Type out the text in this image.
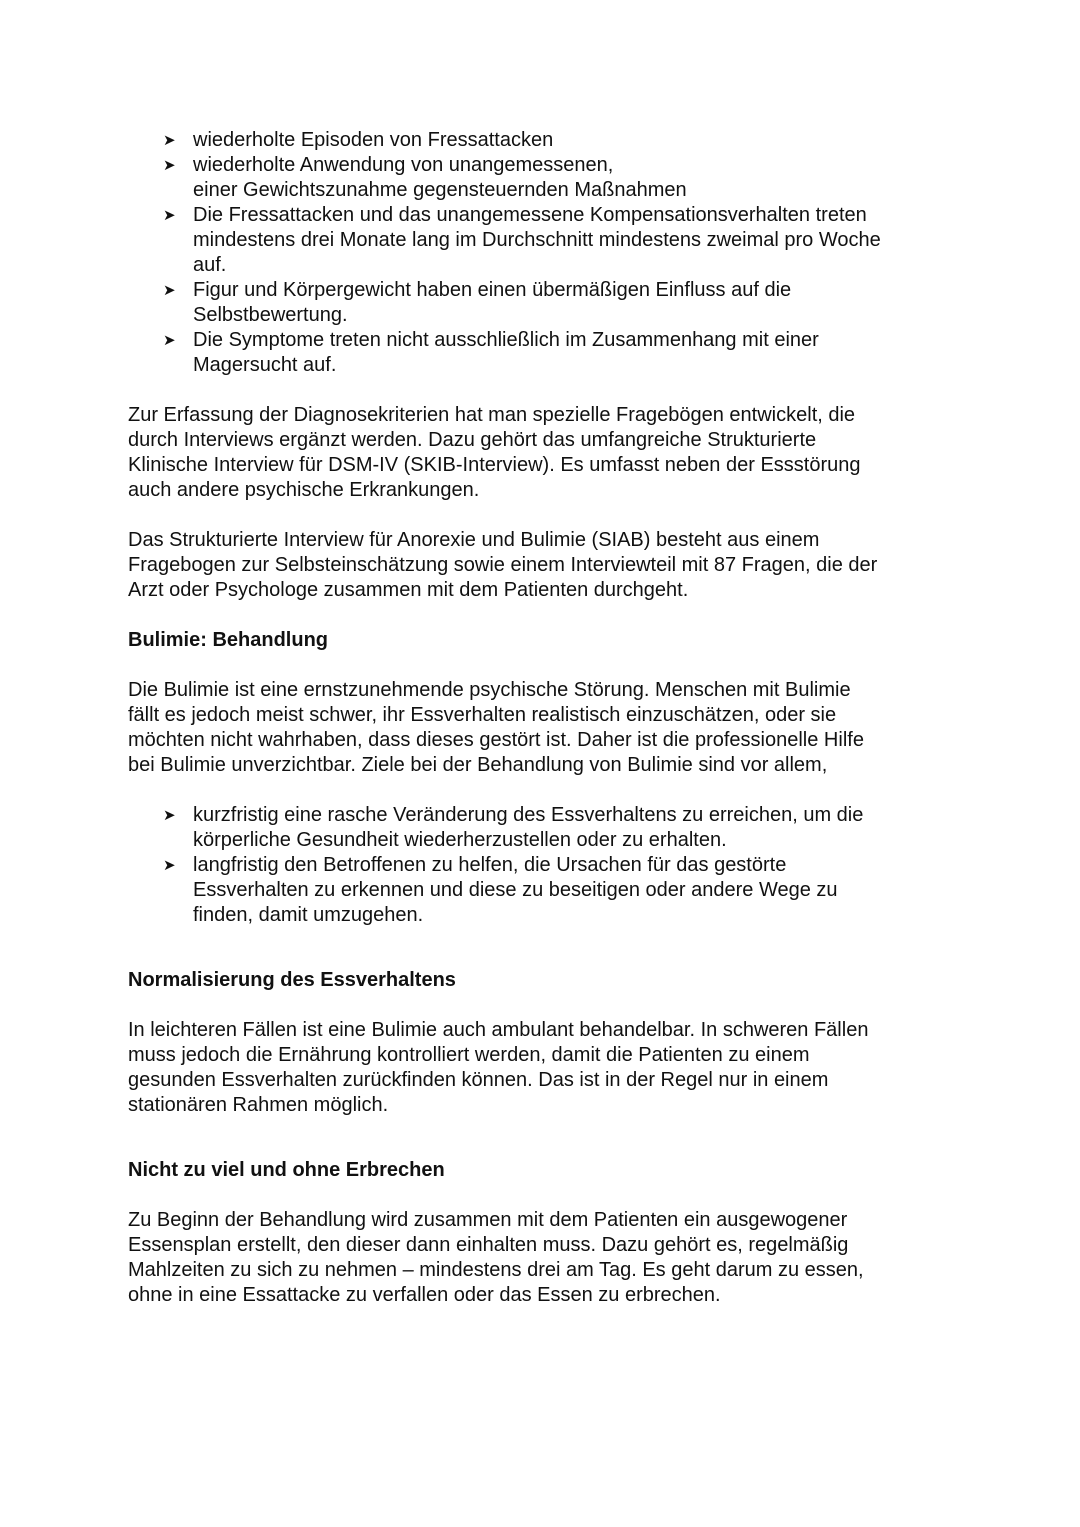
➤ wiederholte Episoden von Fressattacken
➤ wiederholte Anwendung von unangemessenen,
einer Gewichtszunahme gegensteuernden Maßnahmen
➤ Die Fressattacken und das unangemessene Kompensationsverhalten treten
mindestens drei Monate lang im Durchschnitt mindestens zweimal pro Woche
auf.
➤ Figur und Körpergewicht haben einen übermäßigen Einfluss auf die
Selbstbewertung.
➤ Die Symptome treten nicht ausschließlich im Zusammenhang mit einer
Magersucht auf.

Zur Erfassung der Diagnosekriterien hat man spezielle Fragebögen entwickelt, die
durch Interviews ergänzt werden. Dazu gehört das umfangreiche Strukturierte
Klinische Interview für DSM-IV (SKIB-Interview). Es umfasst neben der Essstörung
auch andere psychische Erkrankungen.

Das Strukturierte Interview für Anorexie und Bulimie (SIAB) besteht aus einem
Fragebogen zur Selbsteinschätzung sowie einem Interviewteil mit 87 Fragen, die der
Arzt oder Psychologe zusammen mit dem Patienten durchgeht.

Bulimie: Behandlung

Die Bulimie ist eine ernstzunehmende psychische Störung. Menschen mit Bulimie
fällt es jedoch meist schwer, ihr Essverhalten realistisch einzuschätzen, oder sie
möchten nicht wahrhaben, dass dieses gestört ist. Daher ist die professionelle Hilfe
bei Bulimie unverzichtbar. Ziele bei der Behandlung von Bulimie sind vor allem,

➤ kurzfristig eine rasche Veränderung des Essverhaltens zu erreichen, um die
körperliche Gesundheit wiederherzustellen oder zu erhalten.
➤ langfristig den Betroffenen zu helfen, die Ursachen für das gestörte
Essverhalten zu erkennen und diese zu beseitigen oder andere Wege zu
finden, damit umzugehen.
Normalisierung des Essverhaltens

In leichteren Fällen ist eine Bulimie auch ambulant behandelbar. In schweren Fällen
muss jedoch die Ernährung kontrolliert werden, damit die Patienten zu einem
gesunden Essverhalten zurückfinden können. Das ist in der Regel nur in einem
stationären Rahmen möglich.

Nicht zu viel und ohne Erbrechen

Zu Beginn der Behandlung wird zusammen mit dem Patienten ein ausgewogener
Essensplan erstellt, den dieser dann einhalten muss. Dazu gehört es, regelmäßig
Mahlzeiten zu sich zu nehmen – mindestens drei am Tag. Es geht darum zu essen,
ohne in eine Essattacke zu verfallen oder das Essen zu erbrechen.
